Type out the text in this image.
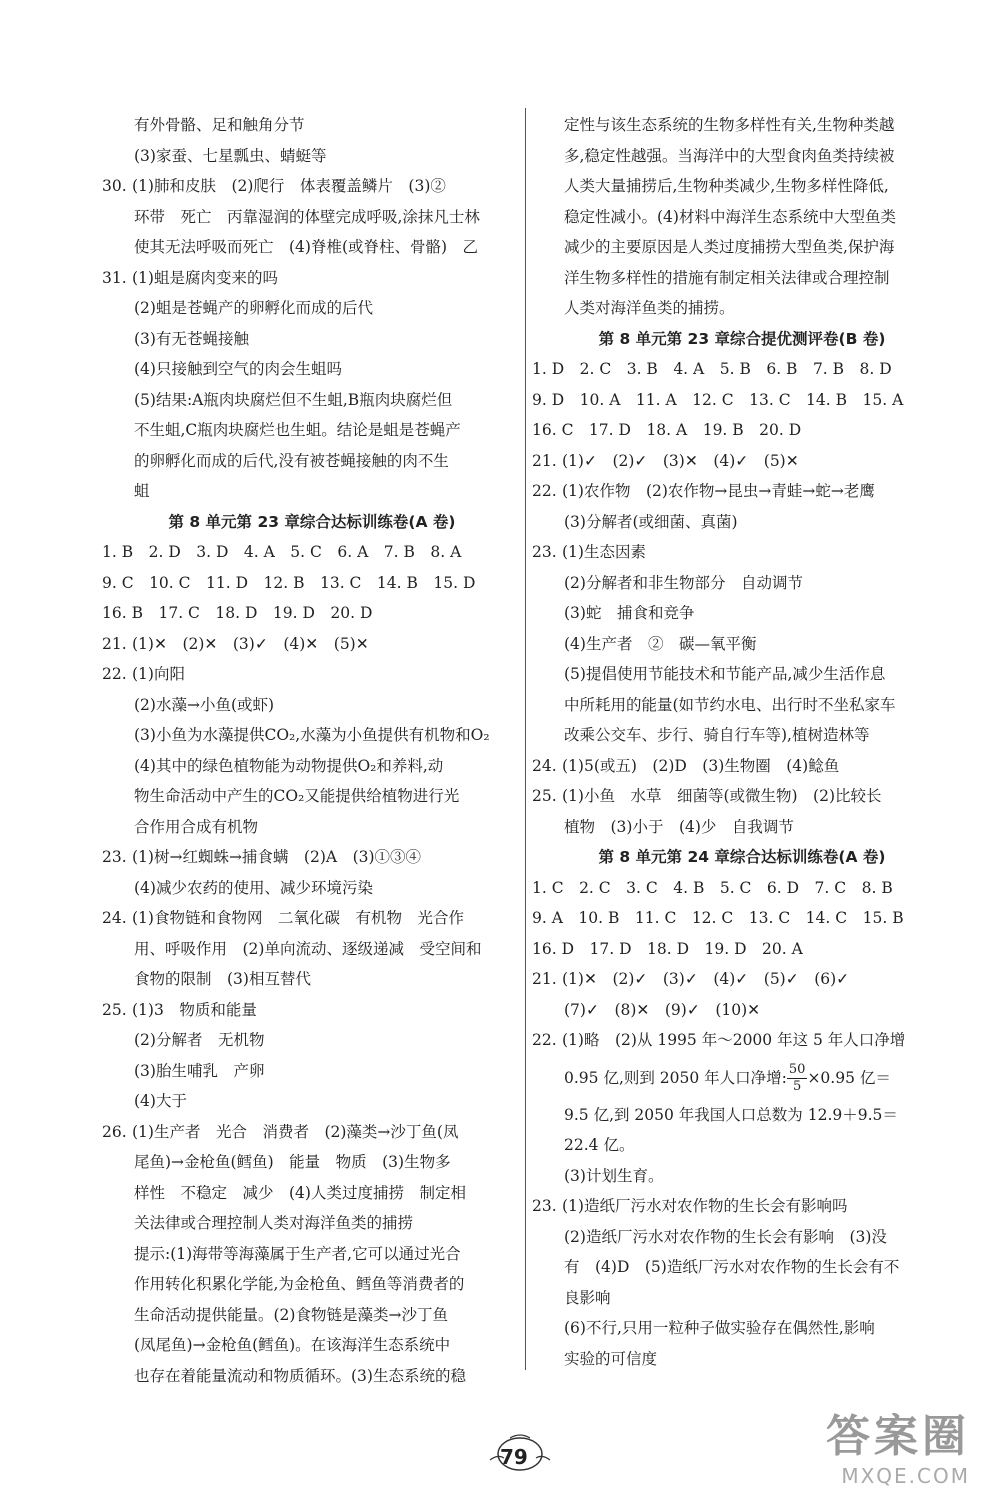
有外骨骼、足和触角分节
(3)家蚕、七星瓢虫、蜻蜓等
30. (1)肺和皮肤　(2)爬行　体表覆盖鳞片　(3)②
环带　死亡　丙靠湿润的体壁完成呼吸,涂抹凡士林
使其无法呼吸而死亡　(4)脊椎(或脊柱、骨骼)　乙
31. (1)蛆是腐肉变来的吗
(2)蛆是苍蝇产的卵孵化而成的后代
(3)有无苍蝇接触
(4)只接触到空气的肉会生蛆吗
(5)结果:A瓶肉块腐烂但不生蛆,B瓶肉块腐烂但
不生蛆,C瓶肉块腐烂也生蛆。结论是蛆是苍蝇产
的卵孵化而成的后代,没有被苍蝇接触的肉不生
蛆
第 8 单元第 23 章综合达标训练卷(A 卷)
1. B　2. D　3. D　4. A　5. C　6. A　7. B　8. A
9. C　10. C　11. D　12. B　13. C　14. B　15. D
16. B　17. C　18. D　19. D　20. D
21. (1)✕　(2)✕　(3)✓　(4)✕　(5)✕
22. (1)向阳
(2)水藻→小鱼(或虾)
(3)小鱼为水藻提供CO₂,水藻为小鱼提供有机物和O₂
(4)其中的绿色植物能为动物提供O₂和养料,动
物生命活动中产生的CO₂又能提供给植物进行光
合作用合成有机物
23. (1)树→红蜘蛛→捕食螨　(2)A　(3)①③④
(4)减少农药的使用、减少环境污染
24. (1)食物链和食物网　二氧化碳　有机物　光合作
用、呼吸作用　(2)单向流动、逐级递减　受空间和
食物的限制　(3)相互替代
25. (1)3　物质和能量
(2)分解者　无机物
(3)胎生哺乳　产卵
(4)大于
26. (1)生产者　光合　消费者　(2)藻类→沙丁鱼(凤
尾鱼)→金枪鱼(鳕鱼)　能量　物质　(3)生物多
样性　不稳定　减少　(4)人类过度捕捞　制定相
关法律或合理控制人类对海洋鱼类的捕捞
提示:(1)海带等海藻属于生产者,它可以通过光合
作用转化积累化学能,为金枪鱼、鳕鱼等消费者的
生命活动提供能量。(2)食物链是藻类→沙丁鱼
(凤尾鱼)→金枪鱼(鳕鱼)。在该海洋生态系统中
也存在着能量流动和物质循环。(3)生态系统的稳
定性与该生态系统的生物多样性有关,生物种类越
多,稳定性越强。当海洋中的大型食肉鱼类持续被
人类大量捕捞后,生物种类减少,生物多样性降低,
稳定性减小。(4)材料中海洋生态系统中大型鱼类
减少的主要原因是人类过度捕捞大型鱼类,保护海
洋生物多样性的措施有制定相关法律或合理控制
人类对海洋鱼类的捕捞。
第 8 单元第 23 章综合提优测评卷(B 卷)
1. D　2. C　3. B　4. A　5. B　6. B　7. B　8. D
9. D　10. A　11. A　12. C　13. C　14. B　15. A
16. C　17. D　18. A　19. B　20. D
21. (1)✓　(2)✓　(3)✕　(4)✓　(5)✕
22. (1)农作物　(2)农作物→昆虫→青蛙→蛇→老鹰
(3)分解者(或细菌、真菌)
23. (1)生态因素
(2)分解者和非生物部分　自动调节
(3)蛇　捕食和竞争
(4)生产者　②　碳—氧平衡
(5)提倡使用节能技术和节能产品,减少生活作息
中所耗用的能量(如节约水电、出行时不坐私家车
改乘公交车、步行、骑自行车等),植树造林等
24. (1)5(或五)　(2)D　(3)生物圈　(4)鲶鱼
25. (1)小鱼　水草　细菌等(或微生物)　(2)比较长
植物　(3)小于　(4)少　自我调节
第 8 单元第 24 章综合达标训练卷(A 卷)
1. C　2. C　3. C　4. B　5. C　6. D　7. C　8. B
9. A　10. B　11. C　12. C　13. C　14. C　15. B
16. D　17. D　18. D　19. D　20. A
21. (1)✕　(2)✓　(3)✓　(4)✓　(5)✓　(6)✓
(7)✓　(8)✕　(9)✓　(10)✕
22. (1)略　(2)从 1995 年～2000 年这 5 年人口净增
0.95 亿,则到 2050 年人口净增: $\frac{50}{5} \times 0.95$ 亿＝
9.5 亿,到 2050 年我国人口总数为 12.9＋9.5＝
22.4 亿。
(3)计划生育。
23. (1)造纸厂污水对农作物的生长会有影响吗
(2)造纸厂污水对农作物的生长会有影响　(3)没
有　(4)D　(5)造纸厂污水对农作物的生长会有不
良影响
(6)不行,只用一粒种子做实验存在偶然性,影响
实验的可信度
79	答案圈
MXQE.COM
